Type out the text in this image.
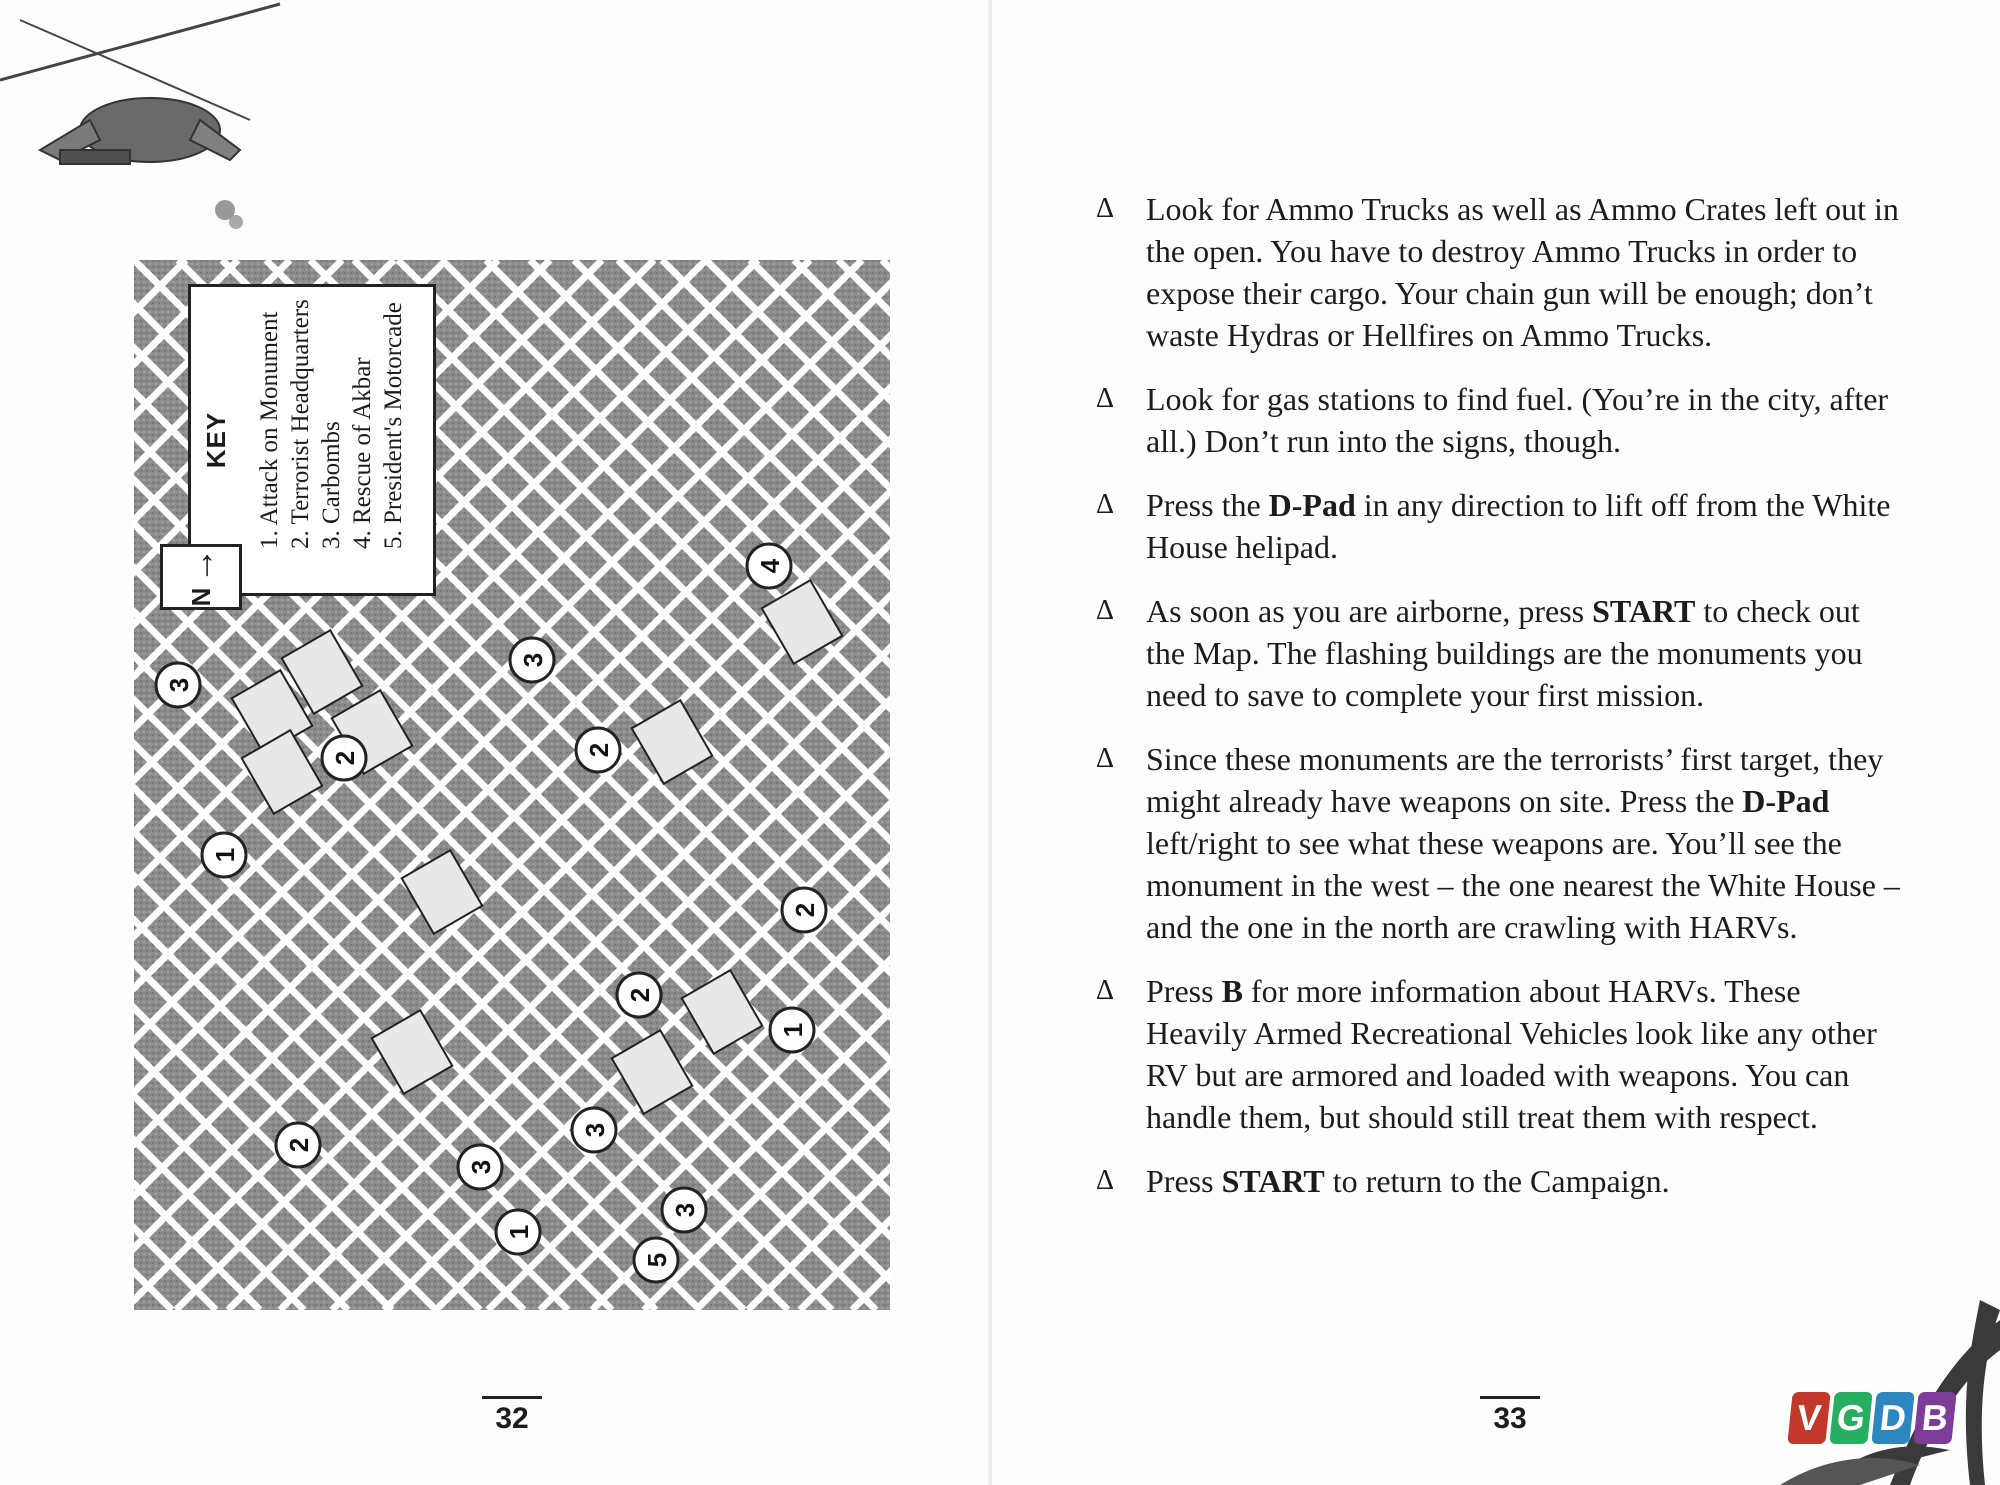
3
2
1
3
2
2
4
3
2
1
3
2
1
3
5
KEY 1. Attack on Monument 2. Terrorist Headquarters 3. Carbombs 4. Rescue of Akbar 5. President's Motorcade
N
→
32
Δ Look for Ammo Trucks as well as Ammo Crates left out in the open. You have to destroy Ammo Trucks in order to expose their cargo. Your chain gun will be enough; don’t waste Hydras or Hellfires on Ammo Trucks.
Δ Look for gas stations to find fuel. (You’re in the city, after all.) Don’t run into the signs, though.
Δ Press the D-Pad in any direction to lift off from the White House helipad.
Δ As soon as you are airborne, press START to check out the Map. The flashing buildings are the monuments you need to save to complete your first mission.
Δ Since these monuments are the terrorists’ first target, they might already have weapons on site. Press the D-Pad left/right to see what these weapons are. You’ll see the monument in the west – the one nearest the White House – and the one in the north are crawling with HARVs.
Δ Press B for more information about HARVs. These Heavily Armed Recreational Vehicles look like any other RV but are armored and loaded with weapons. You can handle them, but should still treat them with respect.
Δ Press START to return to the Campaign.
33	V G D B
